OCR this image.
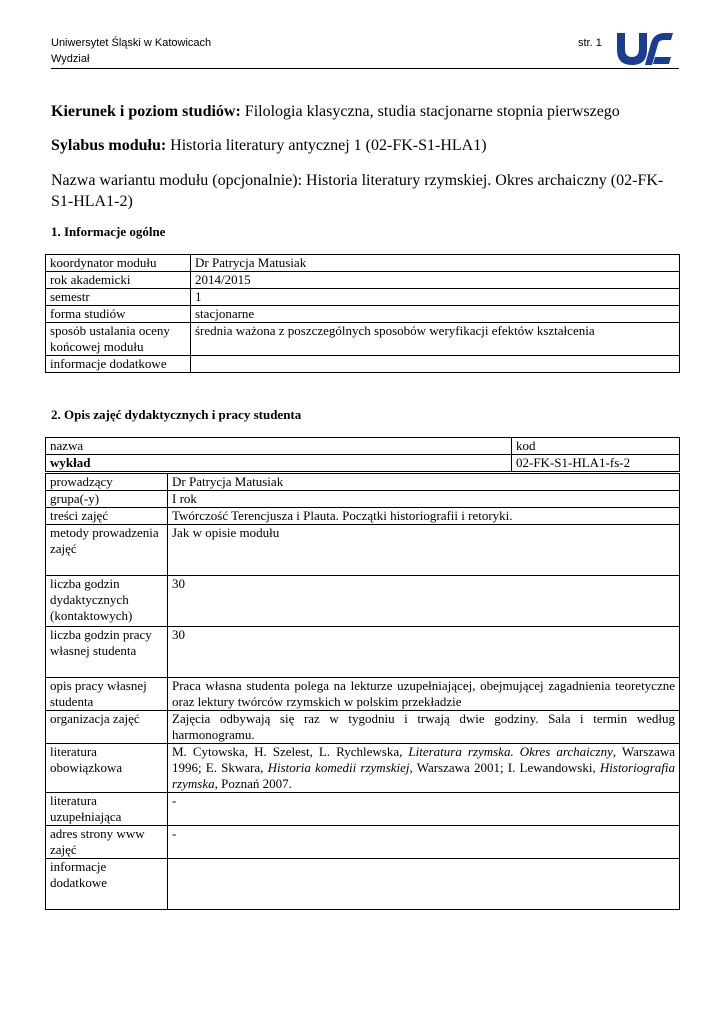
Uniwersytet Śląski w Katowicach
Wydział
str. 1
Kierunek i poziom studiów: Filologia klasyczna, studia stacjonarne stopnia pierwszego
Sylabus modułu: Historia literatury antycznej 1 (02-FK-S1-HLA1)
Nazwa wariantu modułu (opcjonalnie): Historia literatury rzymskiej. Okres archaiczny (02-FK-S1-HLA1-2)
1. Informacje ogólne
koordynator modułu	Dr Patrycja Matusiak
rok akademicki	2014/2015
semestr	1
forma studiów	stacjonarne
sposób ustalania oceny końcowej modułu	średnia ważona z poszczególnych sposobów weryfikacji efektów kształcenia
informacje dodatkowe	
2. Opis zajęć dydaktycznych i pracy studenta
nazwa	kod
wykład	02-FK-S1-HLA1-fs-2
prowadzący	Dr Patrycja Matusiak
grupa(-y)	I rok
treści zajęć	Twórczość Terencjusza i Plauta. Początki historiografii i retoryki.
metody prowadzenia zajęć	Jak w opisie modułu
liczba godzin dydaktycznych (kontaktowych)	30
liczba godzin pracy własnej studenta	30
opis pracy własnej studenta	Praca własna studenta polega na lekturze uzupełniającej, obejmującej zagadnienia teoretyczne oraz lektury twórców rzymskich w polskim przekładzie
organizacja zajęć	Zajęcia odbywają się raz w tygodniu i trwają dwie godziny. Sala i termin według harmonogramu.
literatura obowiązkowa	M. Cytowska, H. Szelest, L. Rychlewska, Literatura rzymska. Okres archaiczny, Warszawa 1996; E. Skwara, Historia komedii rzymskiej, Warszawa 2001; I. Lewandowski, Historiografia rzymska, Poznań 2007.
literatura uzupełniająca	-
adres strony www zajęć	-
informacje dodatkowe	
